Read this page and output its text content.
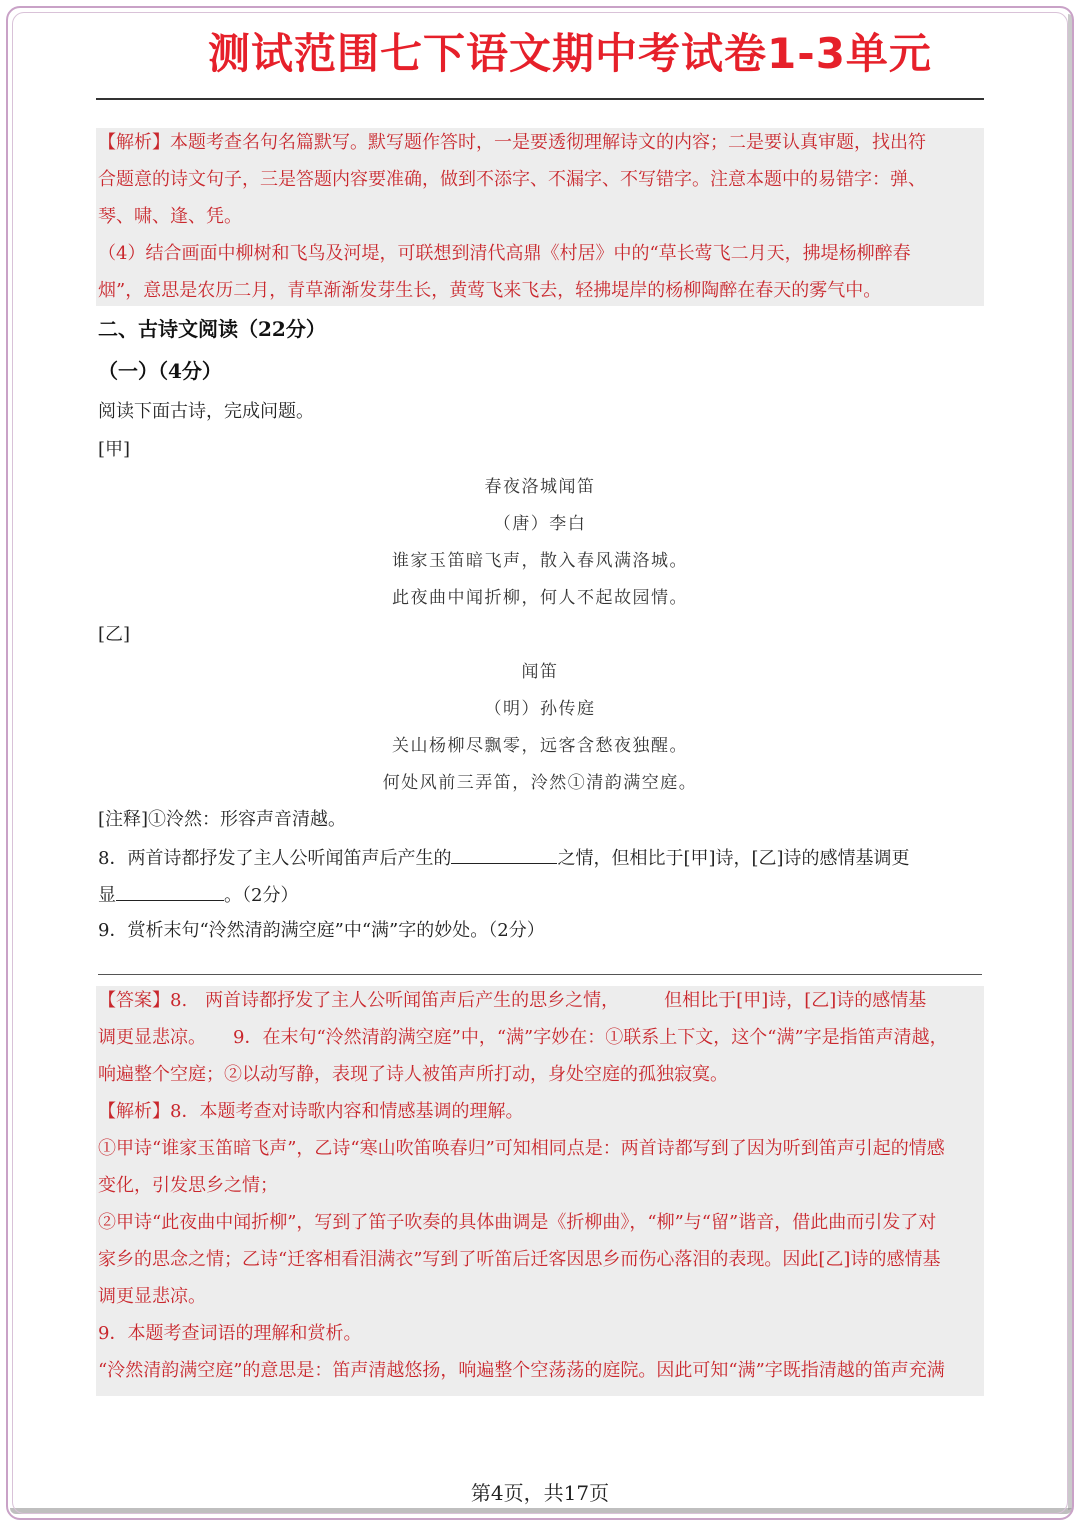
测试范围七下语文期中考试卷1-3单元
【解析】本题考查名句名篇默写。默写题作答时，一是要透彻理解诗文的内容；二是要认真审题，找出符
合题意的诗文句子，三是答题内容要准确，做到不添字、不漏字、不写错字。注意本题中的易错字：弹、
琴、啸、逢、凭。
（4）结合画面中柳树和飞鸟及河堤，可联想到清代高鼎《村居》中的“草长莺飞二月天，拂堤杨柳醉春
烟”，意思是农历二月，青草渐渐发芽生长，黄莺飞来飞去，轻拂堤岸的杨柳陶醉在春天的雾气中。
二、古诗文阅读（22分）
（一）（4分）
阅读下面古诗，完成问题。
[甲]
春夜洛城闻笛
（唐）李白
谁家玉笛暗飞声，散入春风满洛城。
此夜曲中闻折柳，何人不起故园情。
[乙]
闻笛
（明）孙传庭
关山杨柳尽飘零，远客含愁夜独醒。
何处风前三弄笛，泠然①清韵满空庭。
[注释]①泠然：形容声音清越。
8．两首诗都抒发了主人公听闻笛声后产生的	之情，但相比于[甲]诗，[乙]诗的感情基调更
显	。（2分）
9．赏析末句“泠然清韵满空庭”中“满”字的妙处。（2分）
【答案】8.　两首诗都抒发了主人公听闻笛声后产生的思乡之情，　　　但相比于[甲]诗，[乙]诗的感情基
调更显悲凉。　　9．在末句“泠然清韵满空庭”中，“满”字妙在：①联系上下文，这个“满”字是指笛声清越，
响遍整个空庭；②以动写静，表现了诗人被笛声所打动，身处空庭的孤独寂寞。
【解析】8．本题考查对诗歌内容和情感基调的理解。
①甲诗“谁家玉笛暗飞声”，乙诗“寒山吹笛唤春归”可知相同点是：两首诗都写到了因为听到笛声引起的情感
变化，引发思乡之情；
②甲诗“此夜曲中闻折柳”，写到了笛子吹奏的具体曲调是《折柳曲》，“柳”与“留”谐音，借此曲而引发了对
家乡的思念之情；乙诗“迁客相看泪满衣”写到了听笛后迁客因思乡而伤心落泪的表现。因此[乙]诗的感情基
调更显悲凉。
9．本题考查词语的理解和赏析。
“泠然清韵满空庭”的意思是：笛声清越悠扬，响遍整个空荡荡的庭院。因此可知“满”字既指清越的笛声充满
第4页，共17页
